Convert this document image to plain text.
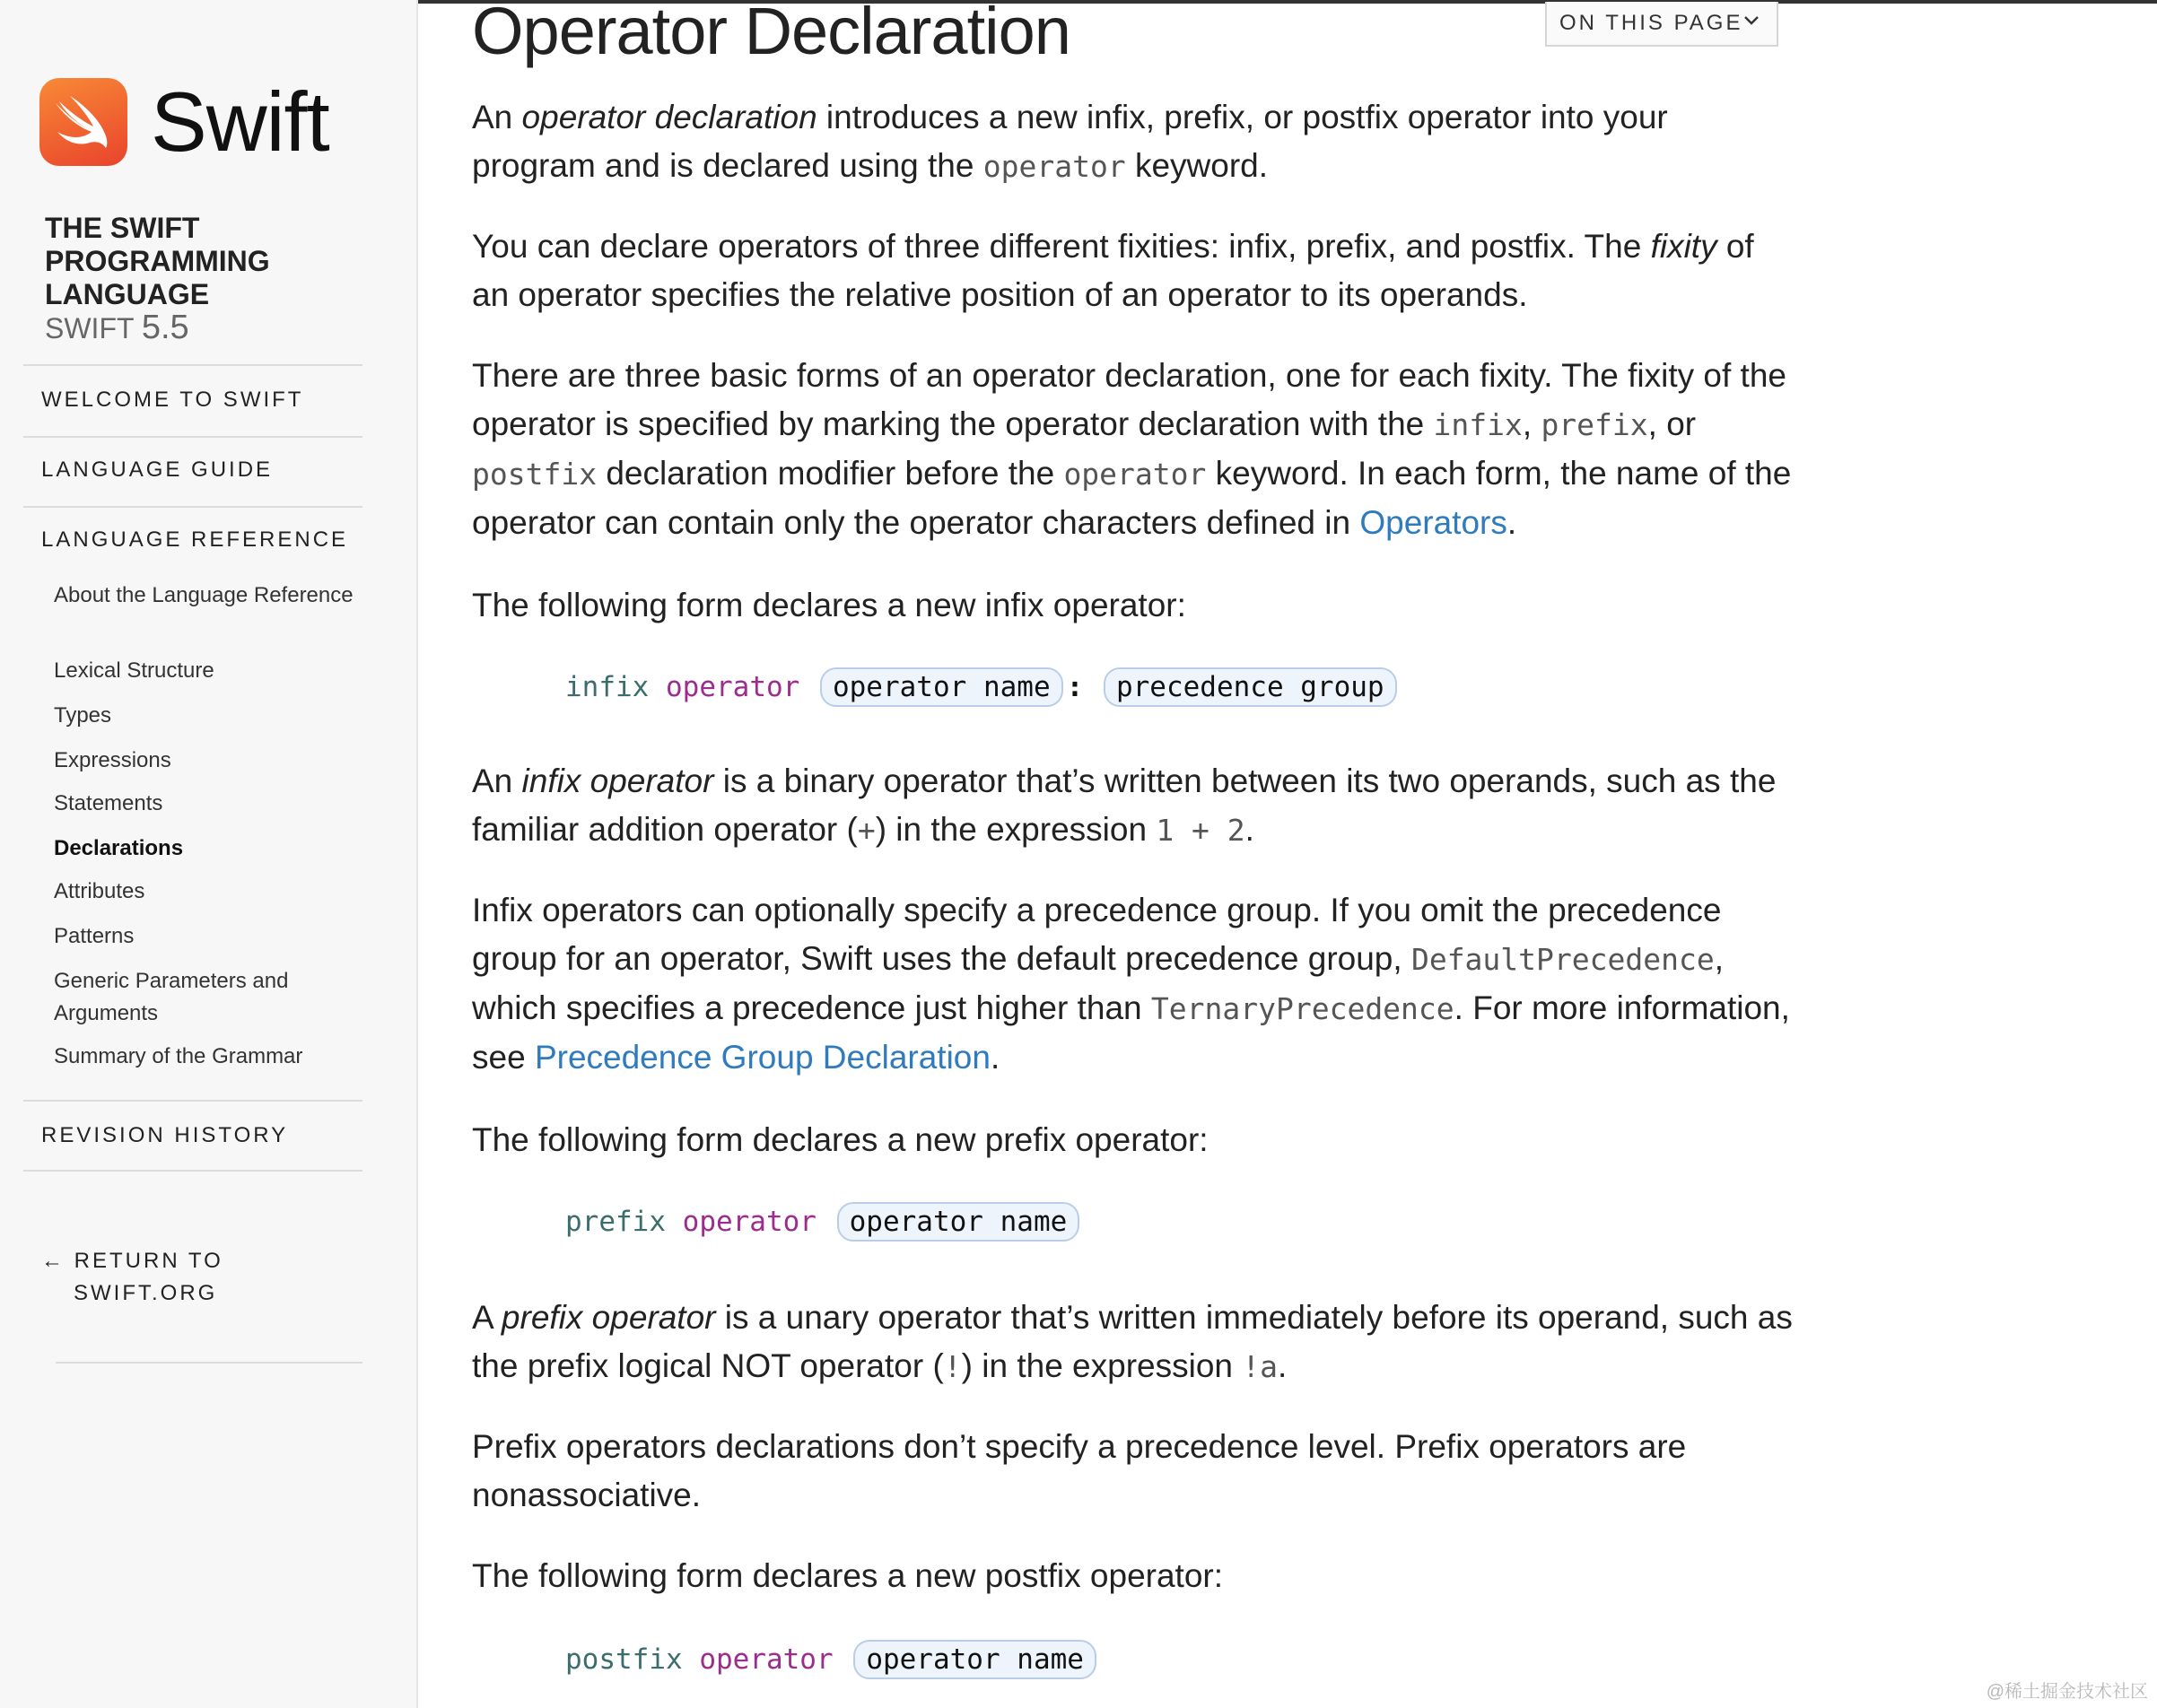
Swift
THE SWIFT PROGRAMMING LANGUAGE
SWIFT 5.5
WELCOME TO SWIFT
LANGUAGE GUIDE
LANGUAGE REFERENCE
About the Language Reference
Lexical Structure
Types
Expressions
Statements
Declarations
Attributes
Patterns
Generic Parameters and Arguments
Summary of the Grammar
REVISION HISTORY
← RETURN TO
SWIFT.ORG
Operator Declaration	ON THIS PAGE

An operator declaration introduces a new infix, prefix, or postfix operator into your program and is declared using the operator keyword.

You can declare operators of three different fixities: infix, prefix, and postfix. The fixity of an operator specifies the relative position of an operator to its operands.

There are three basic forms of an operator declaration, one for each fixity. The fixity of the operator is specified by marking the operator declaration with the infix, prefix, or postfix declaration modifier before the operator keyword. In each form, the name of the operator can contain only the operator characters defined in Operators.

The following form declares a new infix operator:

infix
operator
	operator name :
	precedence group

An infix operator is a binary operator that’s written between its two operands, such as the familiar addition operator (+) in the expression 1 + 2.

Infix operators can optionally specify a precedence group. If you omit the precedence group for an operator, Swift uses the default precedence group, DefaultPrecedence, which specifies a precedence just higher than TernaryPrecedence. For more information, see Precedence Group Declaration.

The following form declares a new prefix operator:

prefix
operator
	operator name

A prefix operator is a unary operator that’s written immediately before its operand, such as the prefix logical NOT operator (!) in the expression !a.

Prefix operators declarations don’t specify a precedence level. Prefix operators are nonassociative.

The following form declares a new postfix operator:

postfix
operator
	operator name
@稀土掘金技术社区
